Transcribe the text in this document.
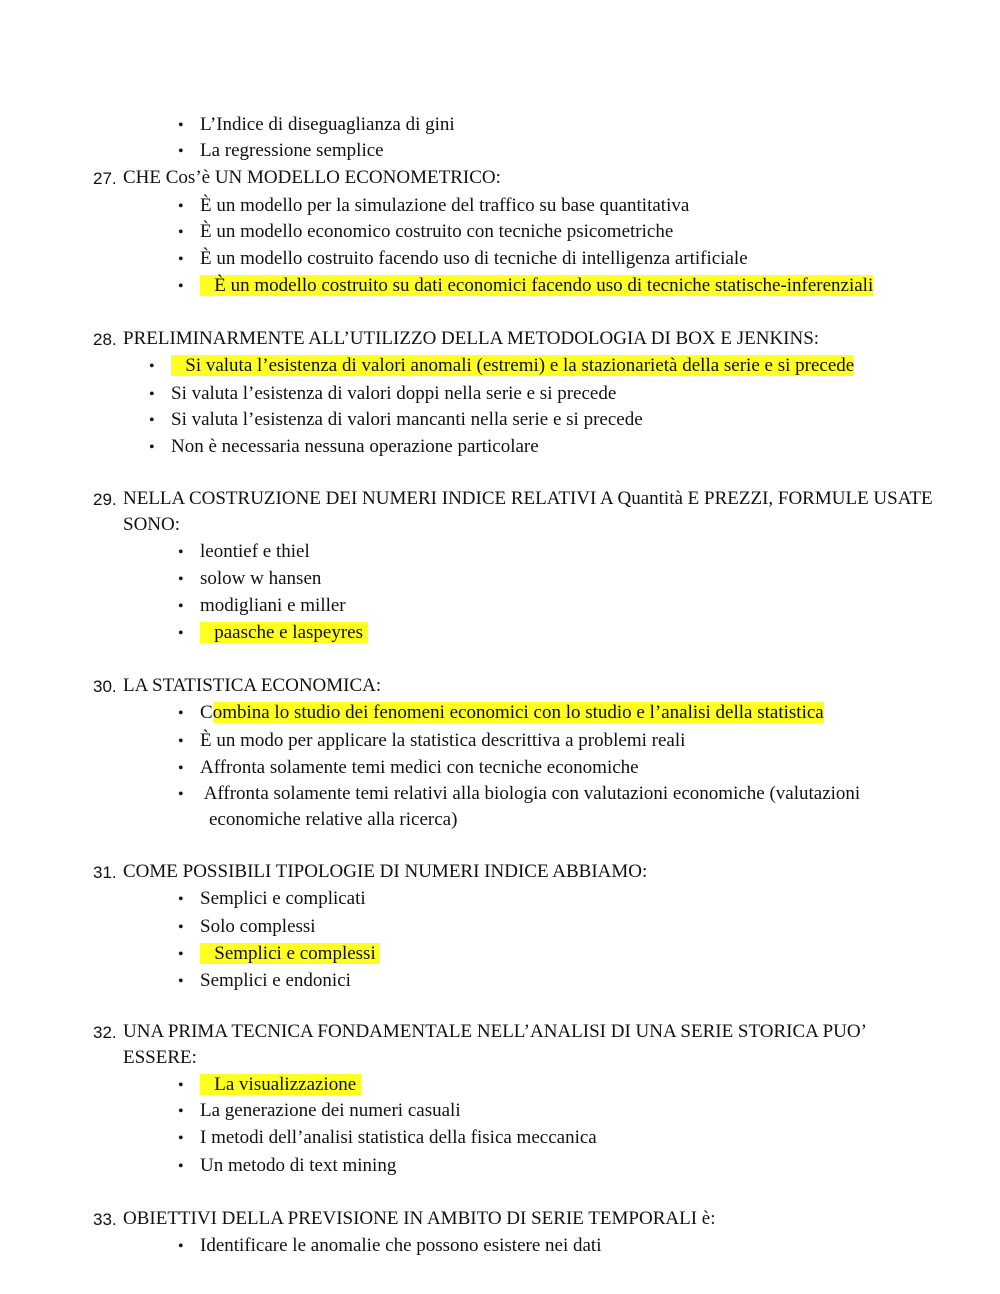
• L’Indice di diseguaglianza di gini
• La regressione semplice
27. CHE Cos’è UN MODELLO ECONOMETRICO:
• È un modello per la simulazione del traffico su base quantitativa
• È un modello economico costruito con tecniche psicometriche
• È un modello costruito facendo uso di tecniche di intelligenza artificiale
• È un modello costruito su dati economici facendo uso di tecniche statische-inferenziali
28. PRELIMINARMENTE ALL’UTILIZZO DELLA METODOLOGIA DI BOX E JENKINS:
• Si valuta l’esistenza di valori anomali (estremi) e la stazionarietà della serie e si precede
• Si valuta l’esistenza di valori doppi nella serie e si precede
• Si valuta l’esistenza di valori mancanti nella serie e si precede
• Non è necessaria nessuna operazione particolare
29. NELLA COSTRUZIONE DEI NUMERI INDICE RELATIVI A Quantità E PREZZI, FORMULE USATE
SONO:
• leontief e thiel
• solow w hansen
• modigliani e miller
• paasche e laspeyres
30. LA STATISTICA ECONOMICA:
• Combina lo studio dei fenomeni economici con lo studio e l’analisi della statistica
• È un modo per applicare la statistica descrittiva a problemi reali
• Affronta solamente temi medici con tecniche economiche
• Affronta solamente temi relativi alla biologia con valutazioni economiche (valutazioni
economiche relative alla ricerca)
31. COME POSSIBILI TIPOLOGIE DI NUMERI INDICE ABBIAMO:
• Semplici e complicati
• Solo complessi
• Semplici e complessi
• Semplici e endonici
32. UNA PRIMA TECNICA FONDAMENTALE NELL’ANALISI DI UNA SERIE STORICA PUO’
ESSERE:
• La visualizzazione
• La generazione dei numeri casuali
• I metodi dell’analisi statistica della fisica meccanica
• Un metodo di text mining
33. OBIETTIVI DELLA PREVISIONE IN AMBITO DI SERIE TEMPORALI è:
• Identificare le anomalie che possono esistere nei dati
